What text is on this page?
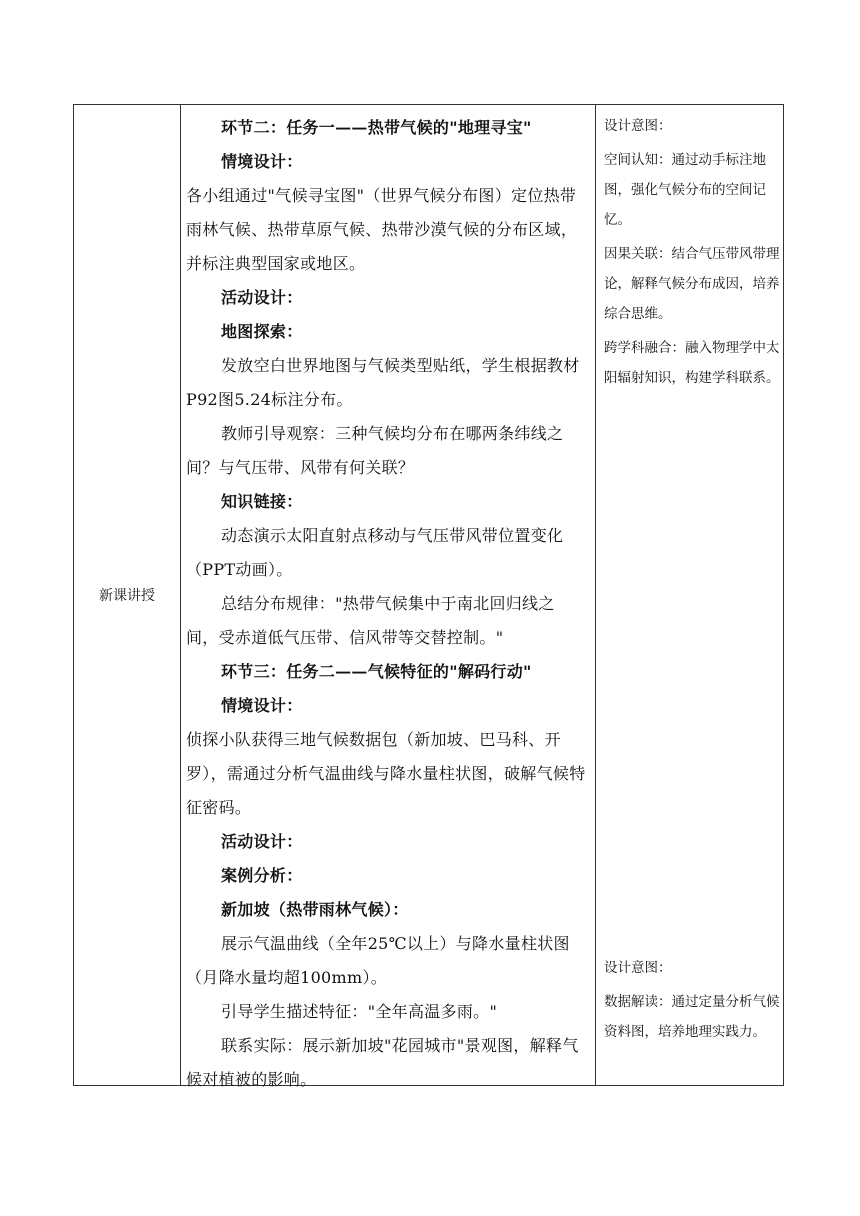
新课讲授

环节二：任务一——热带气候的"地理寻宝"

情境设计：

各小组通过"气候寻宝图"（世界气候分布图）定位热带雨林气候、热带草原气候、热带沙漠气候的分布区域，并标注典型国家或地区。

活动设计：

地图探索：

发放空白世界地图与气候类型贴纸，学生根据教材P92图5.24标注分布。

教师引导观察：三种气候均分布在哪两条纬线之间？与气压带、风带有何关联？

知识链接：

动态演示太阳直射点移动与气压带风带位置变化（PPT动画）。

总结分布规律："热带气候集中于南北回归线之间，受赤道低气压带、信风带等交替控制。"

环节三：任务二——气候特征的"解码行动"

情境设计：

侦探小队获得三地气候数据包（新加坡、巴马科、开罗），需通过分析气温曲线与降水量柱状图，破解气候特征密码。

活动设计：

案例分析：

新加坡（热带雨林气候）：

展示气温曲线（全年25℃以上）与降水量柱状图（月降水量均超100mm）。

引导学生描述特征："全年高温多雨。"

联系实际：展示新加坡"花园城市"景观图，解释气候对植被的影响。

设计意图：

空间认知：通过动手标注地图，强化气候分布的空间记忆。

因果关联：结合气压带风带理论，解释气候分布成因，培养综合思维。

跨学科融合：融入物理学中太阳辐射知识，构建学科联系。

设计意图：

数据解读：通过定量分析气候资料图，培养地理实践力。
